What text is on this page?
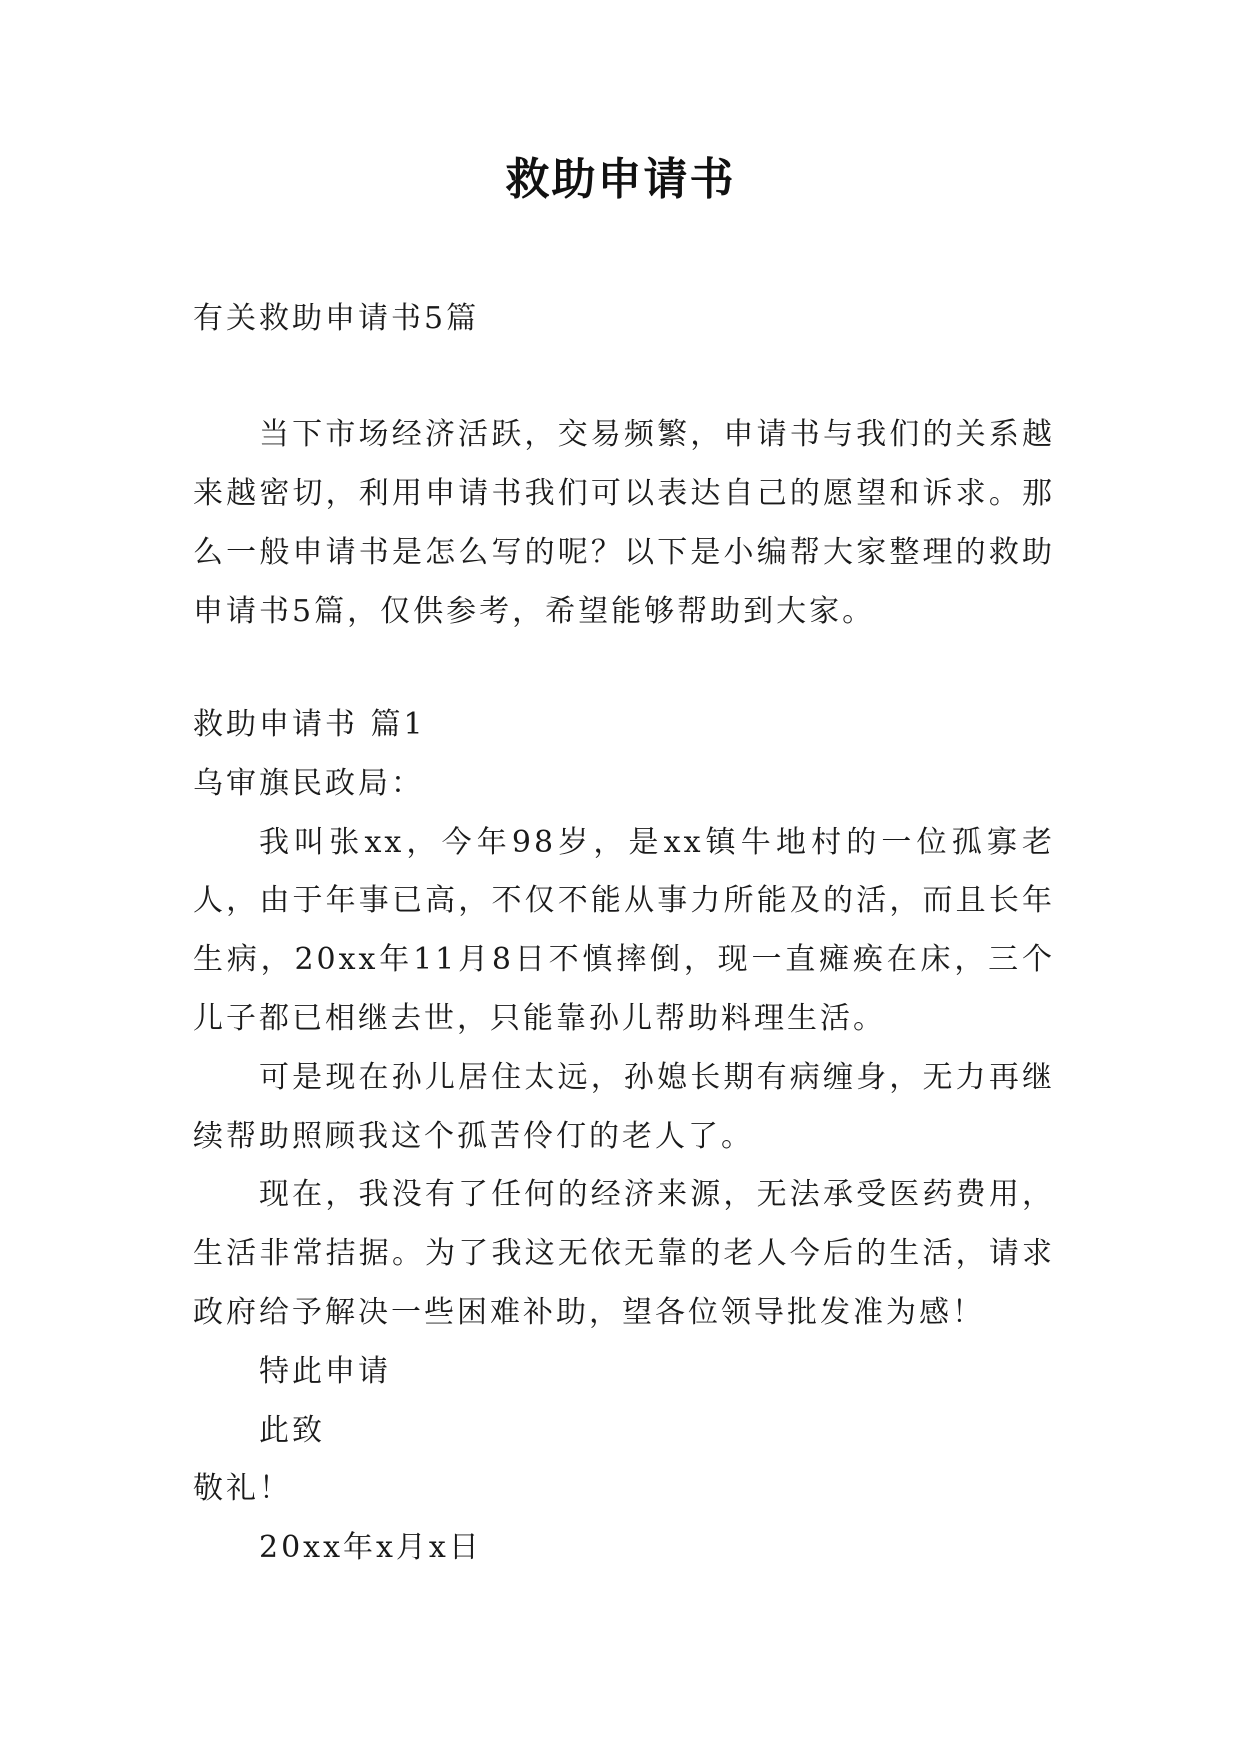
救助申请书
有关救助申请书5篇
当下市场经济活跃，交易频繁，申请书与我们的关系越来越密切，利用申请书我们可以表达自己的愿望和诉求。那么一般申请书是怎么写的呢？以下是小编帮大家整理的救助申请书5篇，仅供参考，希望能够帮助到大家。

救助申请书 篇1

乌审旗民政局：

我叫张xx，今年98岁，是xx镇牛地村的一位孤寡老人，由于年事已高，不仅不能从事力所能及的活，而且长年生病，20xx年11月8日不慎摔倒，现一直瘫痪在床，三个儿子都已相继去世，只能靠孙儿帮助料理生活。

可是现在孙儿居住太远，孙媳长期有病缠身，无力再继续帮助照顾我这个孤苦伶仃的老人了。

现在，我没有了任何的经济来源，无法承受医药费用，生活非常拮据。为了我这无依无靠的老人今后的生活，请求政府给予解决一些困难补助，望各位领导批发准为感！

特此申请

此致

敬礼！

20xx年x月x日
